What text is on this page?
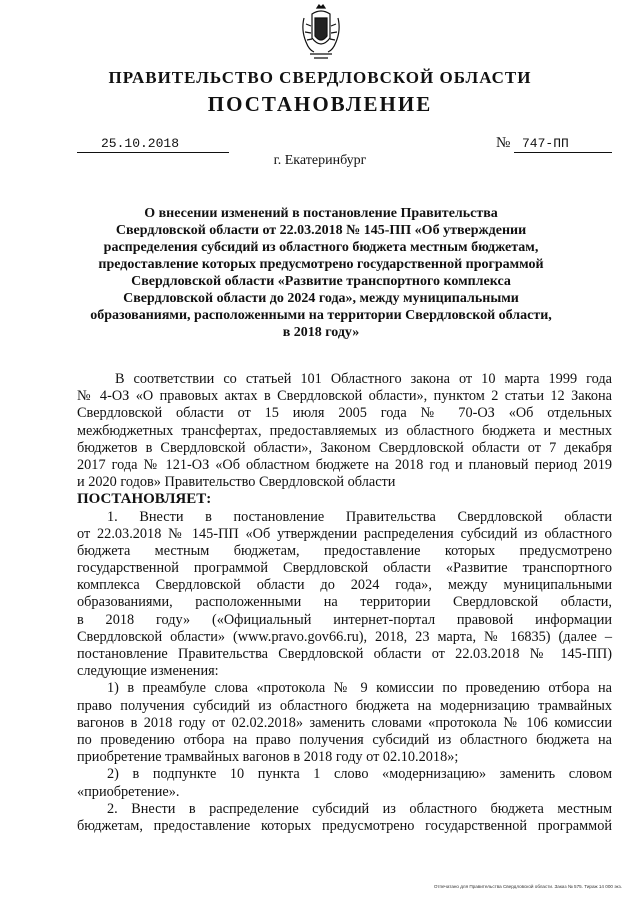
ПРАВИТЕЛЬСТВО СВЕРДЛОВСКОЙ ОБЛАСТИ
ПОСТАНОВЛЕНИЕ
25.10.2018	№ 747-ПП
г. Екатеринбург
О внесении изменений в постановление Правительства
Свердловской области от 22.03.2018 № 145-ПП «Об утверждении
распределения субсидий из областного бюджета местным бюджетам,
предоставление которых предусмотрено государственной программой
Свердловской области «Развитие транспортного комплекса
Свердловской области до 2024 года», между муниципальными
образованиями, расположенными на территории Свердловской области,
в 2018 году»
В соответствии со статьей 101 Областного закона от 10 марта 1999 года
№ 4-ОЗ «О правовых актах в Свердловской области», пунктом 2 статьи 12 Закона
Свердловской области от 15 июля 2005 года № 70-ОЗ «Об отдельных
межбюджетных трансфертах, предоставляемых из областного бюджета и местных
бюджетов в Свердловской области», Законом Свердловской области от 7 декабря
2017 года № 121-ОЗ «Об областном бюджете на 2018 год и плановый период 2019
и 2020 годов» Правительство Свердловской области
ПОСТАНОВЛЯЕТ:
1. Внести в постановление Правительства Свердловской области
от 22.03.2018 № 145-ПП «Об утверждении распределения субсидий из областного
бюджета местным бюджетам, предоставление которых предусмотрено
государственной программой Свердловской области «Развитие транспортного
комплекса Свердловской области до 2024 года», между муниципальными
образованиями, расположенными на территории Свердловской области,
в 2018 году» («Официальный интернет-портал правовой информации
Свердловской области» (www.pravo.gov66.ru), 2018, 23 марта, № 16835) (далее –
постановление Правительства Свердловской области от 22.03.2018 № 145-ПП)
следующие изменения:
1) в преамбуле слова «протокола № 9 комиссии по проведению отбора на
право получения субсидий из областного бюджета на модернизацию трамвайных
вагонов в 2018 году от 02.02.2018» заменить словами «протокола № 106 комиссии
по проведению отбора на право получения субсидий из областного бюджета на
приобретение трамвайных вагонов в 2018 году от 02.10.2018»;
2) в подпункте 10 пункта 1 слово «модернизацию» заменить словом
«приобретение».
2. Внести в распределение субсидий из областного бюджета местным
бюджетам, предоставление которых предусмотрено государственной программой
Отпечатано для Правительства Свердловской области. Заказ № 575. Тираж 14 000 экз.
